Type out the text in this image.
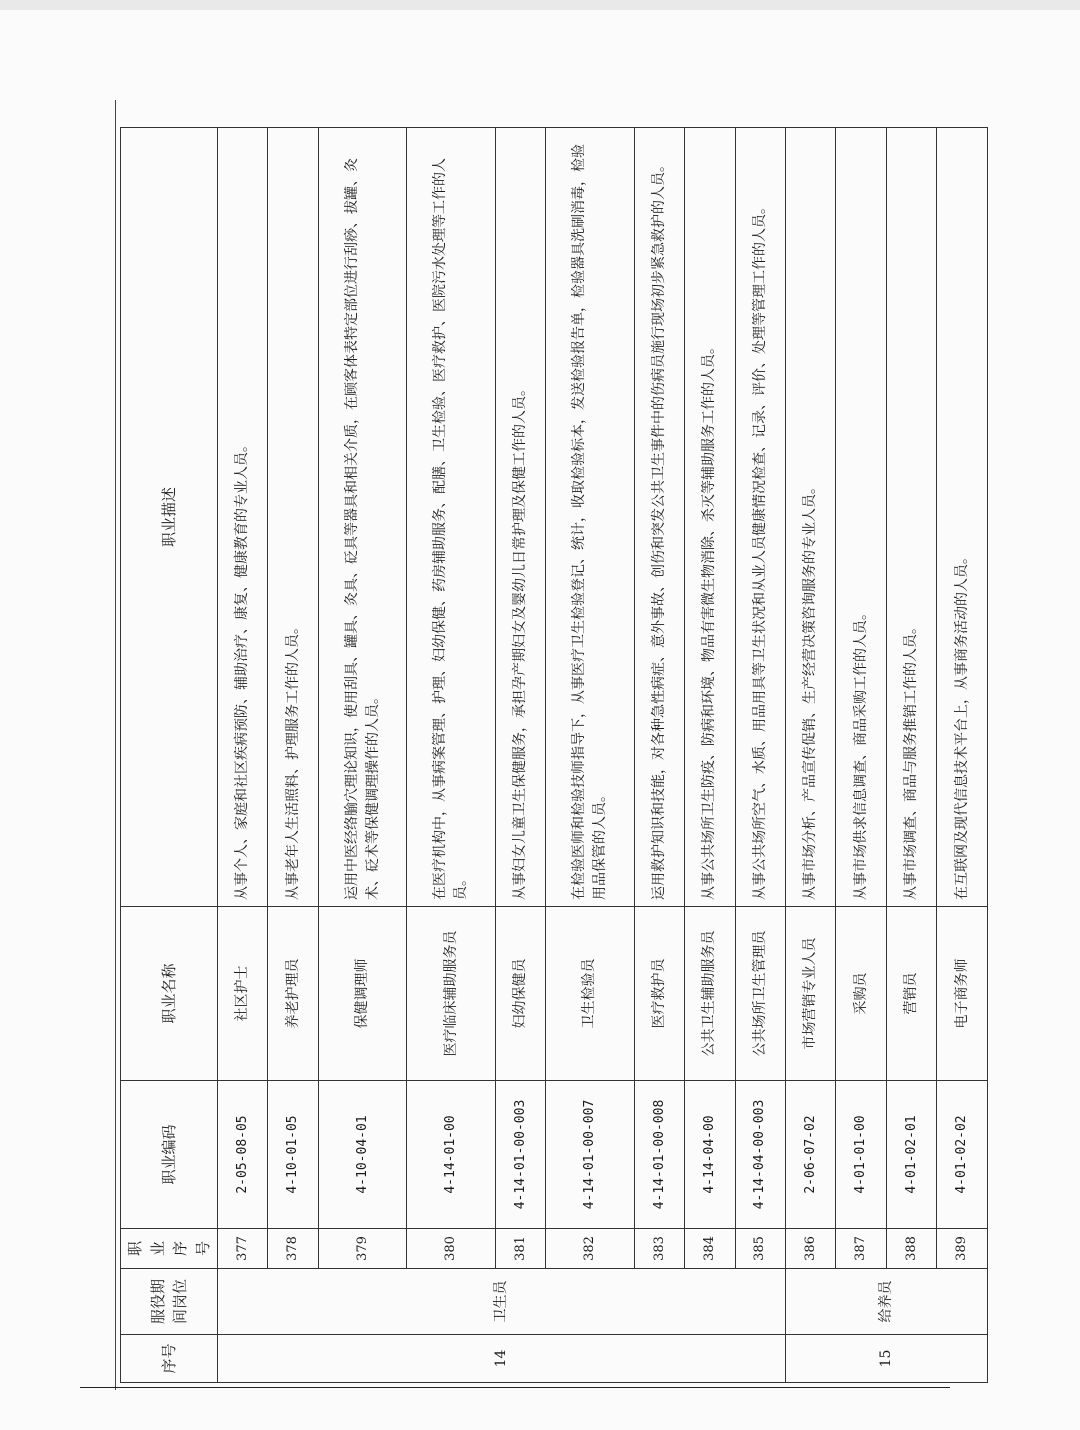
序号	服役期间岗位	职业序号	职业编码	职业名称	职业描述
14	卫生员	377	2-05-08-05	社区护士	从事个人、家庭和社区疾病预防、辅助治疗、康复、健康教育的专业人员。
		378	4-10-01-05	养老护理员	从事老年人生活照料、护理服务工作的人员。
		379	4-10-04-01	保健调理师	运用中医经络腧穴理论知识，使用刮具、罐具、灸具、砭具等器具和相关介质，在顾客体表特定部位进行刮痧、拔罐、灸术、砭术等保健调理操作的人员。
		380	4-14-01-00	医疗临床辅助服务员	在医疗机构中，从事病案管理、护理、妇幼保健、药房辅助服务、配膳、卫生检验、医疗救护、医院污水处理等工作的人员。
		381	4-14-01-00-003	妇幼保健员	从事妇女儿童卫生保健服务，承担孕产期妇女及婴幼儿日常护理及保健工作的人员。
		382	4-14-01-00-007	卫生检验员	在检验医师和检验技师指导下，从事医疗卫生检验登记、统计，收取检验标本，发送检验报告单，检验器具洗刷消毒，检验用品保管的人员。
		383	4-14-01-00-008	医疗救护员	运用救护知识和技能，对各种急性病症、意外事故、创伤和突发公共卫生事件中的伤病员施行现场初步紧急救护的人员。
		384	4-14-04-00	公共卫生辅助服务员	从事公共场所卫生防疫、防病和环境、物品有害微生物消除、杀灭等辅助服务工作的人员。
		385	4-14-04-00-003	公共场所卫生管理员	从事公共场所空气、水质、用品用具等卫生状况和从业人员健康情况检查、记录、评价、处理等管理工作的人员。
15	给养员	386	2-06-07-02	市场营销专业人员	从事市场分析、产品宣传促销、生产经营决策咨询服务的专业人员。
		387	4-01-01-00	采购员	从事市场供求信息调查、商品采购工作的人员。
		388	4-01-02-01	营销员	从事市场调查、商品与服务推销工作的人员。
		389	4-01-02-02	电子商务师	在互联网及现代信息技术平台上，从事商务活动的人员。
